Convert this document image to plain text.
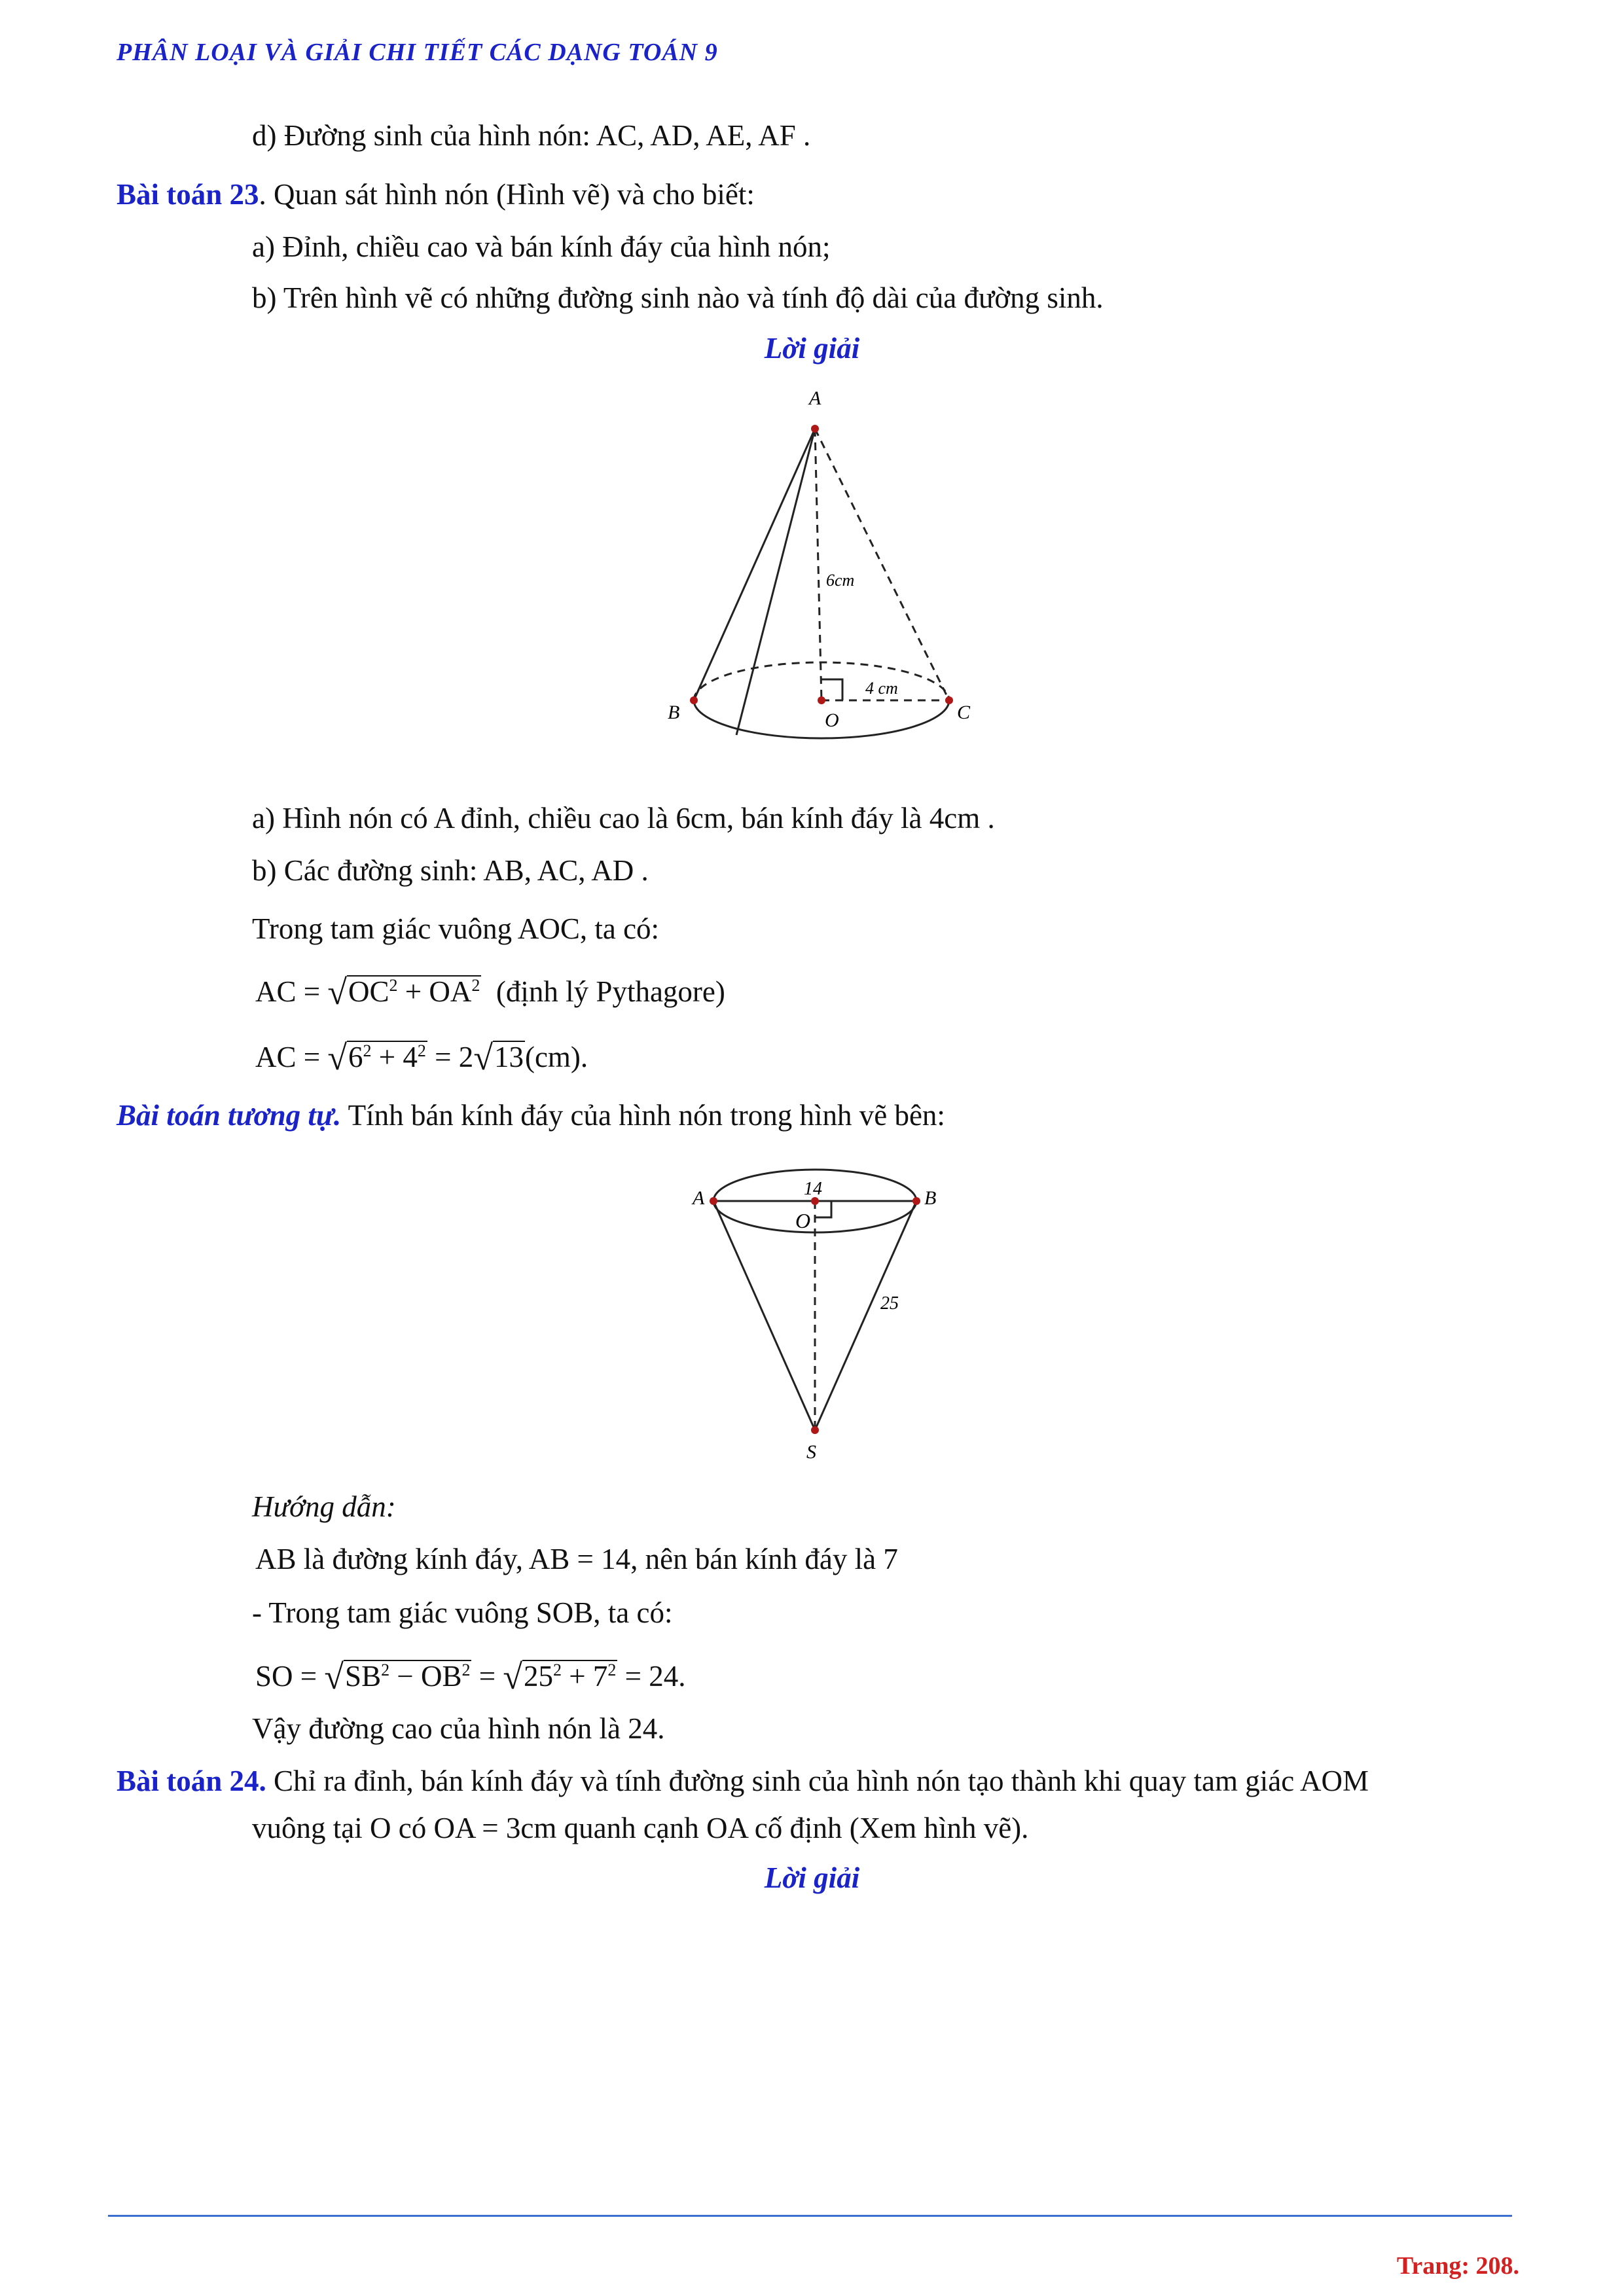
PHÂN LOẠI VÀ GIẢI CHI TIẾT CÁC DẠNG TOÁN 9
d) Đường sinh của hình nón: AC, AD, AE, AF .
Bài toán 23. Quan sát hình nón (Hình vẽ) và cho biết:
a) Đỉnh, chiều cao và bán kính đáy của hình nón;
b) Trên hình vẽ có những đường sinh nào và tính độ dài của đường sinh.
Lời giải
A
B	C
O
6cm
4 cm
a) Hình nón có A đỉnh, chiều cao là 6cm, bán kính đáy là 4cm .
b) Các đường sinh: AB, AC, AD .
Trong tam giác vuông AOC, ta có:
AC = $√OC^2 + OA^2$ (định lý Pythagore)
AC = $√6^2 + 4^2 = 2√13(cm)$.
Bài toán tương tự. Tính bán kính đáy của hình nón trong hình vẽ bên:
A	B
O
14
25
S
Hướng dẫn:
AB là đường kính đáy, AB = 14, nên bán kính đáy là 7
- Trong tam giác vuông SOB, ta có:
SO = $√SB^2 - OB^2 = √25^2 + 7^2 = 24$.
Vậy đường cao của hình nón là 24.
Bài toán 24. Chỉ ra đỉnh, bán kính đáy và tính đường sinh của hình nón tạo thành khi quay tam giác AOM
vuông tại O có OA = 3cm quanh cạnh OA cố định (Xem hình vẽ).
Lời giải
Trang: 208.
